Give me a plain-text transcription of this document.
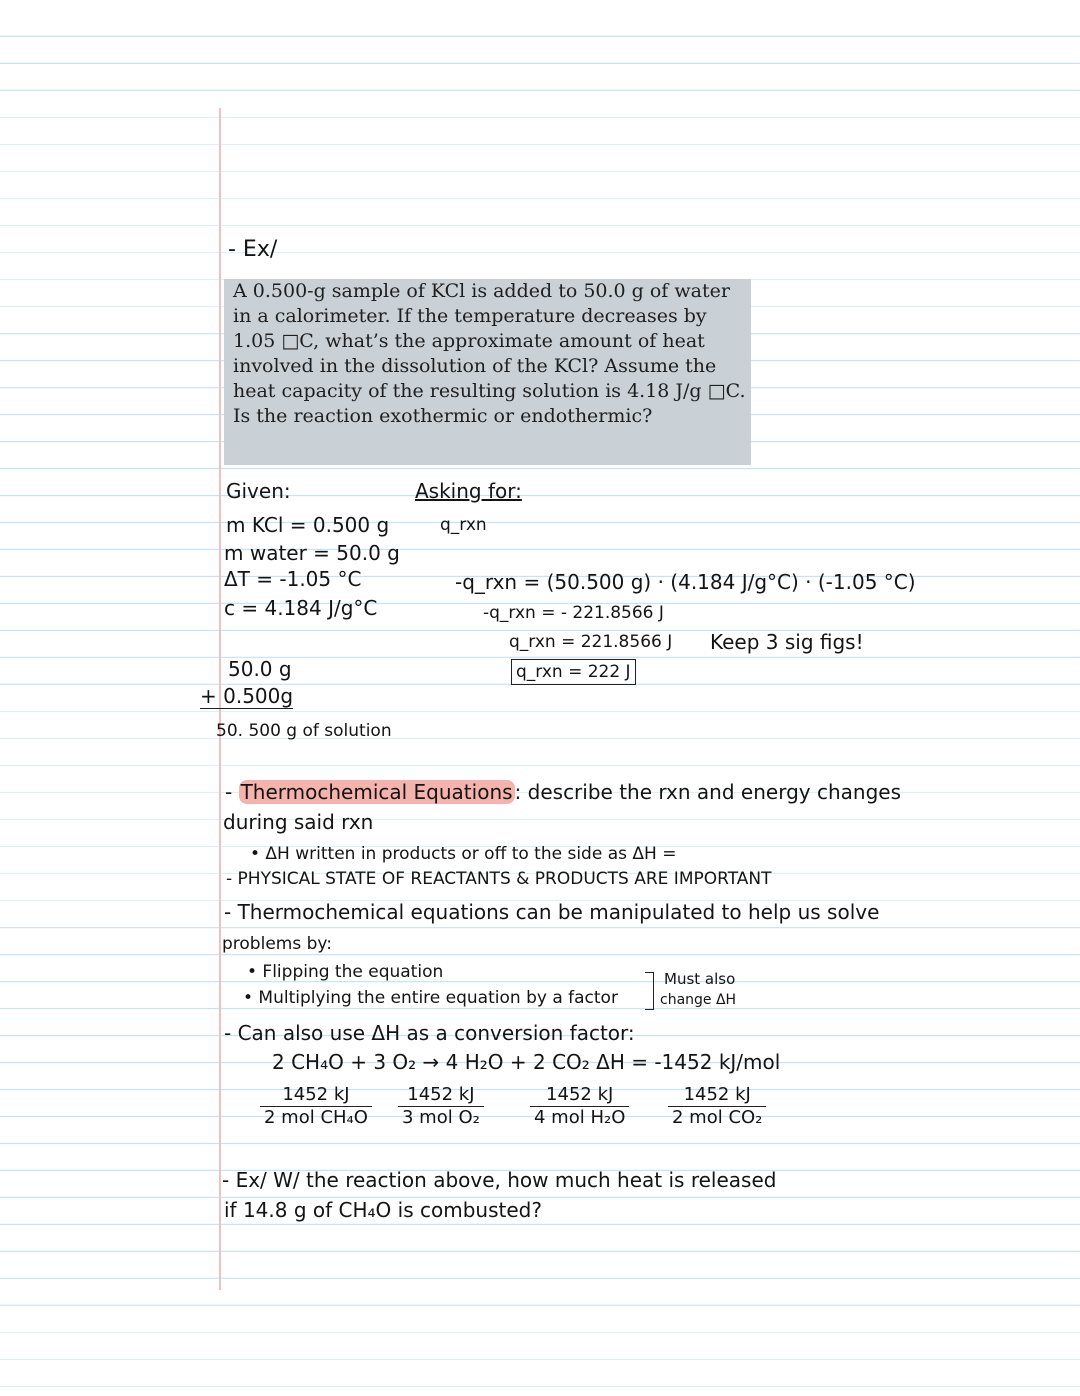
- Ex/
A 0.500-g sample of KCl is added to 50.0 g of water in a calorimeter. If the temperature decreases by 1.05 □C, what’s the approximate amount of heat involved in the dissolution of the KCl? Assume the heat capacity of the resulting solution is 4.18 J/g □C. Is the reaction exothermic or endothermic?
Given:
m KCl = 0.500 g
m water = 50.0 g
ΔT = -1.05 °C
c = 4.184 J/g°C
Asking for:
q_rxn
50.0 g
+ 0.500g
50. 500 g of solution
-q_rxn = (50.500 g) · (4.184 J/g°C) · (-1.05 °C)
-q_rxn = - 221.8566 J
q_rxn = 221.8566 J
q_rxn = 222 J
Keep 3 sig figs!
- Thermochemical Equations : describe the rxn and energy changes
during said rxn
• ΔH written in products or off to the side as ΔH =
- PHYSICAL STATE OF REACTANTS & PRODUCTS ARE IMPORTANT
- Thermochemical equations can be manipulated to help us solve
problems by:
• Flipping the equation
• Multiplying the entire equation by a factor
Must also
change ΔH
- Can also use ΔH as a conversion factor:
2 CH₄O + 3 O₂ → 4 H₂O + 2 CO₂ ΔH = -1452 kJ/mol
1452 kJ
2 mol CH₄O
1452 kJ
3 mol O₂
1452 kJ
4 mol H₂O
1452 kJ
2 mol CO₂
- Ex/ W/ the reaction above, how much heat is released
if 14.8 g of CH₄O is combusted?
